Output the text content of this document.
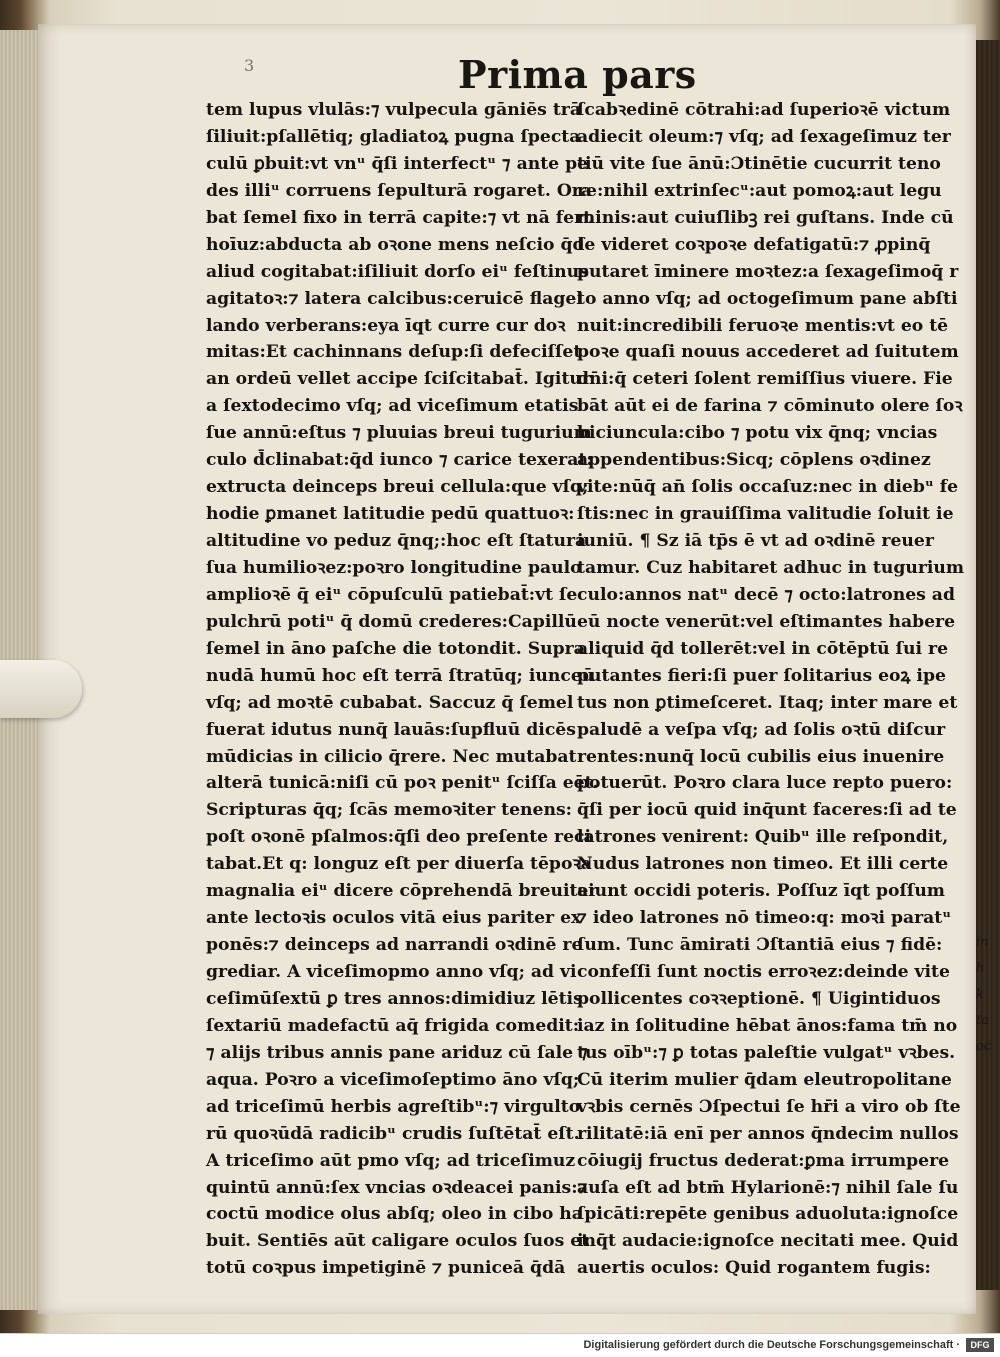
3	Prima pars
tem lupus vlulās:⁊ vulpecula gāniēs trā
ſiliuit:pſallētiq; gladiatoꝝ pugna ſpecta
culū ꝑbuit:vt vnᵘ q̄ſi interfectᵘ ⁊ ante pe
des illiᵘ corruens ſepulturā rogaret. Ora
bat ſemel fixo in terrā capite:⁊ vt nā fert
hoīuz:abducta ab oꝛone mens neſcio q̄d
aliud cogitabat:iſiliuit dorſo eiᵘ feſtinus
agitatoꝛ:⁊ latera calcibus:ceruicē flagel
lando verberans:eya īqt curre cur doꝛ
mitas:Et cachinnans deſup:ſi defeciſſet
an ordeū vellet accipe ſciſcitabat̄. Igitur
a ſextodecimo vſq; ad viceſimum etatis
ſue annū:eſtus ⁊ pluuias breui tugurium
culo d̄clinabat:q̄d iunco ⁊ carice texerat:
extructa deinceps breui cellula:que vſq;
hodie ꝑmanet latitudie pedū quattuoꝛ:
altitudine vo peduz q̄nq;:hoc eſt ſtatura
ſua humilioꝛez:poꝛro longitudine paulo
amplioꝛē q̄̄ eiᵘ cōpuſculū patiebat̄:vt ſe
pulchrū potiᵘ q̄̄ domū crederes:Capillū
ſemel in āno paſche die totondit. Supra
nudā humū hoc eſt terrā ſtratūq; iunceū
vſq; ad moꝛtē cubabat. Saccuz q̄ ſemel
fuerat idutus nunq̄ lauās:ſupfluū dicēs
mūdicias in cilicio q̄rere. Nec mutabat
alterā tunicā:niſi cū poꝛ penitᵘ ſciſſa eēt.
Scripturas q̄q; ſcās memoꝛiter tenens:
poſt oꝛonē pſalmos:q̄ſi deo preſente reci
tabat.Et q: longuz eſt per diuerſa tēpoꝛa
magnalia eiᵘ dicere cōprehendā breuiter
ante lectoꝛis oculos vitā eius pariter ex
ponēs:⁊ deinceps ad narrandi oꝛdinē re
grediar. A viceſimopmo anno vſq; ad vi
ceſimūſextū ꝑ tres annos:dimidiuz lētis
ſextariū madefactū aq̄ frigida comedit:
⁊ alijs tribus annis pane ariduz cū ſale ⁊
aqua. Poꝛro a viceſimoſeptimo āno vſq;
ad triceſimū herbis agreſtibᵘ:⁊ virgulto
rū quoꝛūdā radicibᵘ crudis ſuſtētat̄ eſt.
A triceſimo aūt pmo vſq; ad triceſimuz
quintū annū:ſex vncias oꝛdeacei panis:⁊
coctū modice olus abſq; oleo in cibo ha
buit. Sentiēs aūt caligare oculos ſuos et
totū coꝛpus impetiginē ⁊ puniceā q̄dā
ſcabꝛedinē cōtrahi:ad ſuperioꝛē victum
adiecit oleum:⁊ vſq; ad ſexageſimuz ter
tiū vite ſue ānū:Ɔtinētie cucurrit teno
re:nihil extrinſecᵘ:aut pomoꝝ:aut legu
minis:aut cuiuſlibꝫ rei guſtans. Inde cū
ſe videret coꝛpoꝛe defatigatū:⁊ ꝓpinq̄
putaret īminere moꝛtez:a ſexageſimoq̄ r
to anno vſq; ad octogeſimum pane abſti
nuit:incredibili feruoꝛe mentis:vt eo tē
poꝛe quaſi nouus accederet ad ſuitutem
dn̄i:q̄ ceteri ſolent remiſſius viuere. Fie
bāt aūt ei de farina ⁊ cōminuto olere ſoꝛ
biciuncula:cibo ⁊ potu vix q̄nq; vncias
appendentibus:Sicq; cōplens oꝛdinez
vite:nūq̄ an̄ ſolis occaſuz:nec in diebᵘ fe
ſtis:nec in grauiſſima valitudie ſoluit ie
iuniū. ¶ Sz iā tp̄s ē vt ad oꝛdinē reuer
tamur. Cuz habitaret adhuc in tugurium
culo:annos natᵘ decē ⁊ octo:latrones ad
eū nocte venerūt:vel eſtimantes habere
aliquid q̄d tollerēt:vel in cōtēptū ſui re
putantes fieri:ſi puer ſolitarius eoꝝ ipe
tus non ꝑtimeſceret. Itaq; inter mare et
paludē a veſpa vſq; ad ſolis oꝛtū diſcur
rentes:nunq̄ locū cubilis eius inuenire
potuerūt. Poꝛro clara luce repto puero:
q̄ſi per iocū quid inq̄unt faceres:ſi ad te
latrones venirent: Quibᵘ ille reſpondit,
Nudus latrones non timeo. Et illi certe
aiunt occidi poteris. Poſſuz īqt poſſum
⁊ ideo latrones nō timeo:q: moꝛi paratᵘ
ſum. Tunc āmirati Ɔſtantiā eius ⁊ fidē:
confeſſi ſunt noctis erroꝛez:deinde vite
pollicentes coꝛꝛeptionē. ¶ Uigintiduos
iaz in ſolitudine hēbat ānos:fama tm̄ no
tus oībᵘ:⁊ ꝑ totas paleſtie vulgatᵘ vꝛbes.
Cū iterim mulier q̄dam eleutropolitane
vꝛbis cernēs Ɔſpectui ſe hr̄i a viro ob ſte
rilitatē:iā enī per annos q̄ndecim nullos
cōiugij fructus dederat:ꝑma irrumpere
auſa eſt ad btm̄ Hylarionē:⁊ nihil ſale ſu
ſpicāti:repēte genibus aduoluta:ignoſce
inq̄t audacie:ignoſce necitati mee. Quid
auertis oculos: Quid rogantem fugis:
in
h
k
ta
oc
Digitalisierung gefördert durch die Deutsche Forschungsgemeinschaft ·	DFG
